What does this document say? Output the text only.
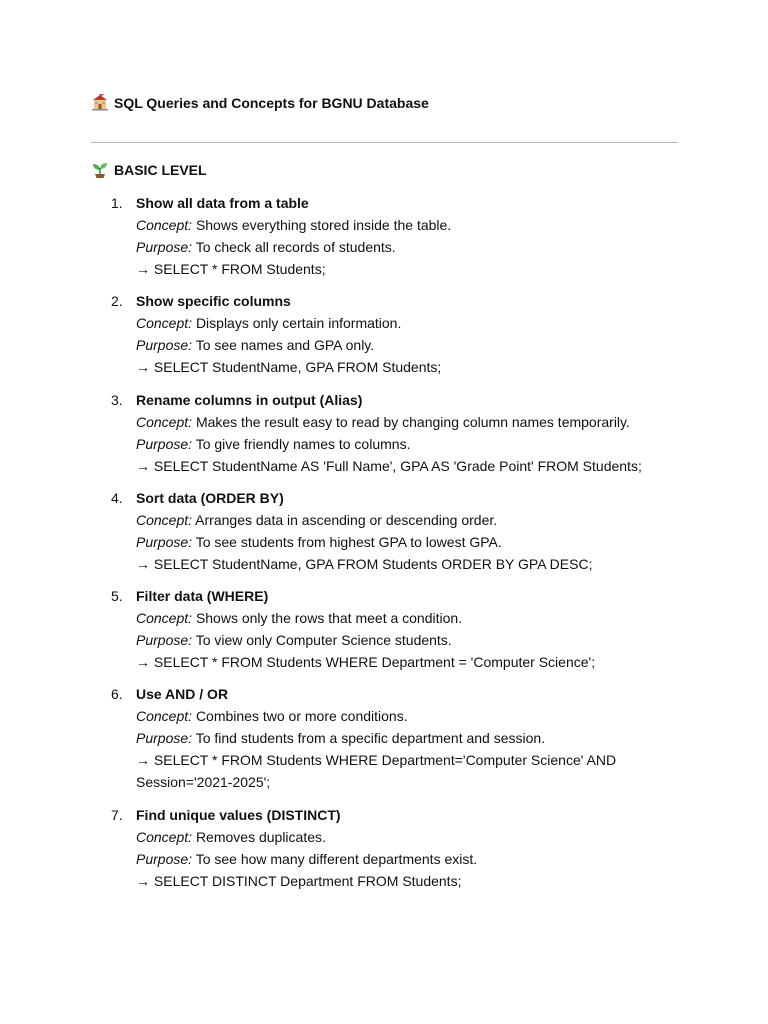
SQL Queries and Concepts for BGNU Database
BASIC LEVEL
1. Show all data from a table
Concept: Shows everything stored inside the table.
Purpose: To check all records of students.
→ SELECT * FROM Students;
2. Show specific columns
Concept: Displays only certain information.
Purpose: To see names and GPA only.
→ SELECT StudentName, GPA FROM Students;
3. Rename columns in output (Alias)
Concept: Makes the result easy to read by changing column names temporarily.
Purpose: To give friendly names to columns.
→ SELECT StudentName AS 'Full Name', GPA AS 'Grade Point' FROM Students;
4. Sort data (ORDER BY)
Concept: Arranges data in ascending or descending order.
Purpose: To see students from highest GPA to lowest GPA.
→ SELECT StudentName, GPA FROM Students ORDER BY GPA DESC;
5. Filter data (WHERE)
Concept: Shows only the rows that meet a condition.
Purpose: To view only Computer Science students.
→ SELECT * FROM Students WHERE Department = 'Computer Science';
6. Use AND / OR
Concept: Combines two or more conditions.
Purpose: To find students from a specific department and session.
→ SELECT * FROM Students WHERE Department='Computer Science' AND Session='2021-2025';
7. Find unique values (DISTINCT)
Concept: Removes duplicates.
Purpose: To see how many different departments exist.
→ SELECT DISTINCT Department FROM Students;
